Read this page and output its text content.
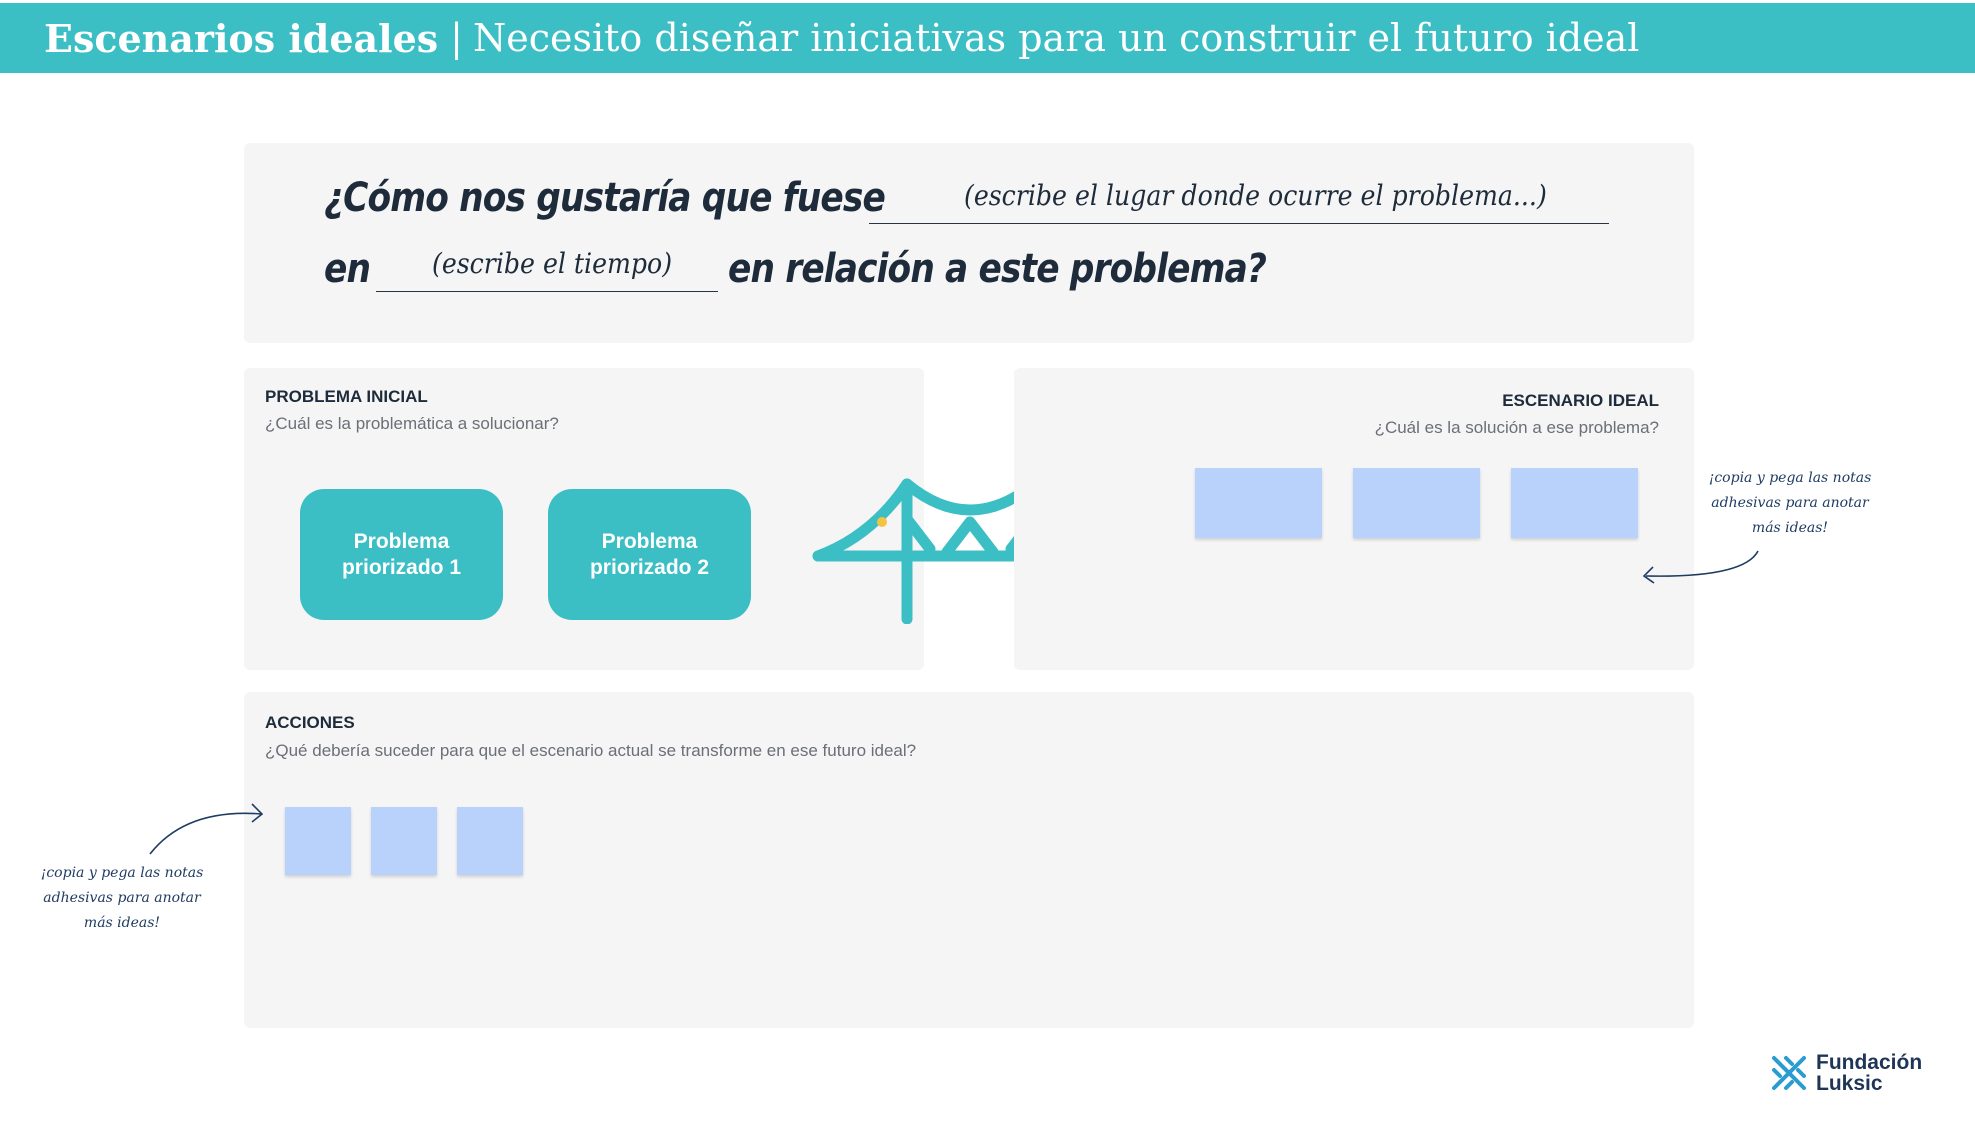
Escenarios ideales | Necesito diseñar iniciativas para un construir el futuro ideal
¿Cómo nos gustaría que fuese	(escribe el lugar donde ocurre el problema...)
en (escribe el tiempo) en relación a este problema?
PROBLEMA INICIAL
¿Cuál es la problemática a solucionar?
Problema
priorizado 1
Problema
priorizado 2
ESCENARIO IDEAL
¿Cuál es la solución a ese problema?
¡copia y pega las notas
adhesivas para anotar
más ideas!
ACCIONES
¿Qué debería suceder para que el escenario actual se transforme en ese futuro ideal?
¡copia y pega las notas
adhesivas para anotar
más ideas!
Fundación
Luksic
